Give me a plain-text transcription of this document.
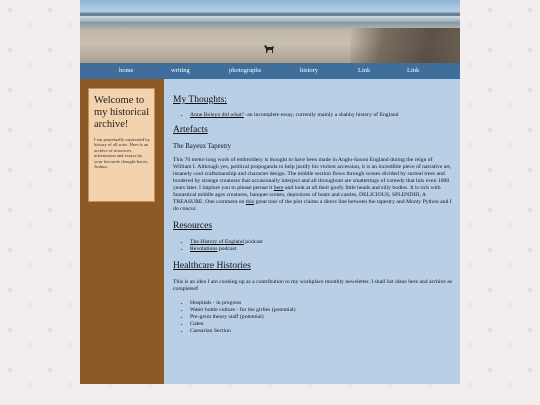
home	writing	photographs	history	Link	Link
Welcome to my historical archive!

I am perpetually captivated by history of all sorts. Here is an archive of resources, information and essays by your favourite thought-haver, Joshua.

My Thoughts:
• Anne Boleyn did what? -an incomplete essay, currently mainly a shabby history of England
Artefacts

The Bayeux Tapestry

This 70 metre long work of embroidery is thought to have been made in Anglo-Saxon England during the reign of William I. Although yes, political propoganda to help justify his violent accession, it is an incredible piece of narrative art, insanely cool craftsmanship and character design. The middle section flows through scenes divided by surreal trees and bordered by strange creatures that occasionally interject and all throughout are smatterings of comedy that hits even 1000 years later. I implore you to please peruse it here and look at all their goofy little heads and silly bodies. It is rich with fantastical middle ages creatures, banquet scenes, depictions of boats and castles, DELICIOUS, SPLENDID, A TREASURE. One comment on this great tour of the plot claims a direct line between the tapestry and Monty Python and I do concur.

Resources
• The History of England podcast
• Revolutions podcast
Healthcare Histories

This is an idea I am cooking up as a contribution to my workplace monthly newsletter. I shall list ideas here and archive as completed!

• Hospitals - in progress
• Water bottle culture - for the girlies (potential)
• Pre-germ theory staff (potential)
• Galen
• Caesarian Section
